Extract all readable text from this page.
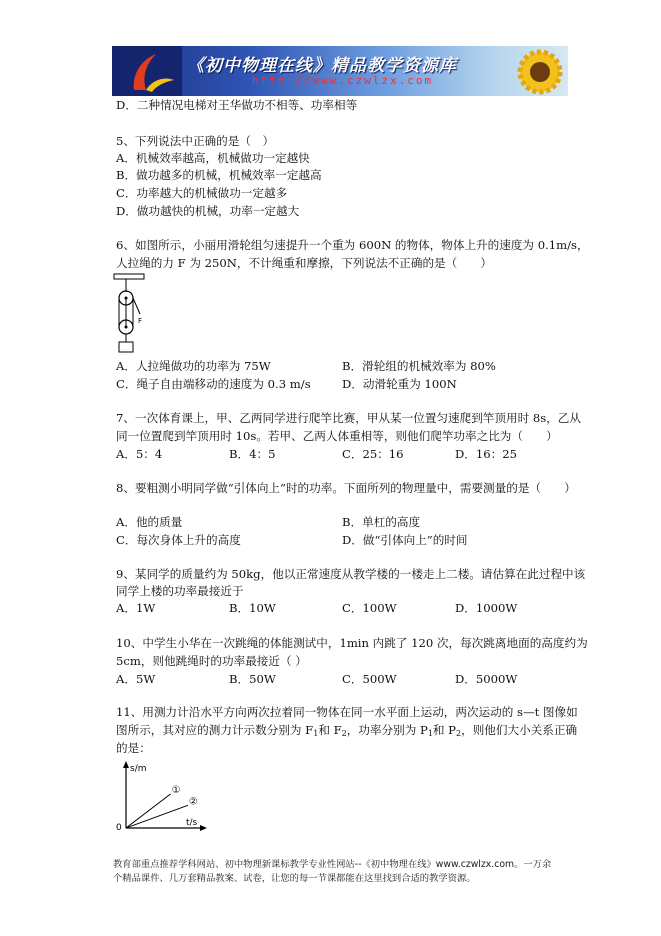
《初中物理在线》精品教学资源库
http://www.czwlzx.com
D．二种情况电梯对王华做功不相等、功率相等
5、下列说法中正确的是（　）
A．机械效率越高，机械做功一定越快
B．做功越多的机械，机械效率一定越高
C．功率越大的机械做功一定越多
D．做功越快的机械，功率一定越大
6、如图所示，小丽用滑轮组匀速提升一个重为 600N 的物体，物体上升的速度为 0.1m/s，
人拉绳的力 F 为 250N，不计绳重和摩擦，下列说法不正确的是（　　）
F
A．人拉绳做功的功率为 75W	B．滑轮组的机械效率为 80%
C．绳子自由端移动的速度为 0.3 m/s	D．动滑轮重为 100N
7、一次体育课上，甲、乙两同学进行爬竿比赛，甲从某一位置匀速爬到竿顶用时 8s，乙从
同一位置爬到竿顶用时 10s。若甲、乙两人体重相等，则他们爬竿功率之比为（　　）
A．5：4	B．4：5	C．25：16	D．16：25
8、要粗测小明同学做“引体向上”时的功率。下面所列的物理量中，需要测量的是（　　）
A．他的质量	B．单杠的高度
C．每次身体上升的高度	D．做“引体向上”的时间
9、某同学的质量约为 50kg，他以正常速度从教学楼的一楼走上二楼。请估算在此过程中该
同学上楼的功率最接近于
A．1W	B．10W	C．100W	D．1000W
10、中学生小华在一次跳绳的体能测试中，1min 内跳了 120 次，每次跳离地面的高度约为
5cm，则他跳绳时的功率最接近（ ）
A．5W	B．50W	C．500W	D．5000W
11、用测力计沿水平方向两次拉着同一物体在同一水平面上运动，两次运动的 s—t 图像如
图所示，其对应的测力计示数分别为 $F_1$和 $F_2$，功率分别为 $P_1$和 $P_2$，则他们大小关系正确
的是：
s/m
t/s
0
①
②
教育部重点推荐学科网站、初中物理新课标教学专业性网站--《初中物理在线》www.czwlzx.com。一万余
个精品课件、几万套精品教案、试卷，让您的每一节课都能在这里找到合适的教学资源。
